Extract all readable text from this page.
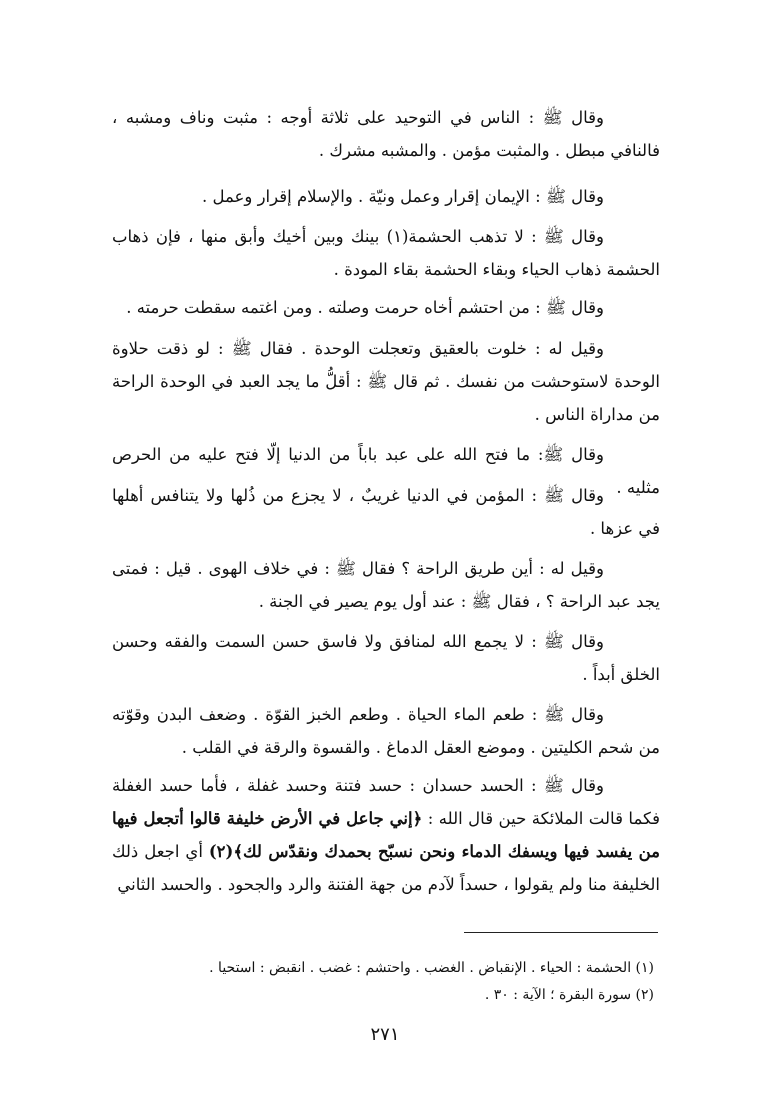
وقال ﷺ : الناس في التوحيد على ثلاثة أوجه : مثبت وناف ومشبه ، فالنافي مبطل . والمثبت مؤمن . والمشبه مشرك .

وقال ﷺ : الإيمان إقرار وعمل ونيّة . والإسلام إقرار وعمل .

وقال ﷺ : لا تذهب الحشمة(١) بينك وبين أخيك وأبق منها ، فإن ذهاب الحشمة ذهاب الحياء وبقاء الحشمة بقاء المودة .

وقال ﷺ : من احتشم أخاه حرمت وصلته . ومن اغتمه سقطت حرمته .

وقيل له : خلوت بالعقيق وتعجلت الوحدة . فقال ﷺ : لو ذقت حلاوة الوحدة لاستوحشت من نفسك . ثم قال ﷺ : أقلُّ ما يجد العبد في الوحدة الراحة من مداراة الناس .

وقال ﷺ: ما فتح الله على عبد باباً من الدنيا إلّا فتح عليه من الحرص مثليه .

وقال ﷺ : المؤمن في الدنيا غريبٌ ، لا يجزع من ذُلها ولا يتنافس أهلها في عزها .

وقيل له : أين طريق الراحة ؟ فقال ﷺ : في خلاف الهوى . قيل : فمتى يجد عبد الراحة ؟ ، فقال ﷺ : عند أول يوم يصير في الجنة .

وقال ﷺ : لا يجمع الله لمنافق ولا فاسق حسن السمت والفقه وحسن الخلق أبداً .

وقال ﷺ : طعم الماء الحياة . وطعم الخبز القوّة . وضعف البدن وقوّته من شحم الكليتين . وموضع العقل الدماغ . والقسوة والرقة في القلب .

وقال ﷺ : الحسد حسدان : حسد فتنة وحسد غفلة ، فأما حسد الغفلة فكما قالت الملائكة حين قال الله : ﴿إني جاعل في الأرض خليفة قالوا أتجعل فيها من يفسد فيها ويسفك الدماء ونحن نسبّح بحمدك ونقدّس لك﴾(٢) أي اجعل ذلك الخليفة منا ولم يقولوا ، حسداً لآدم من جهة الفتنة والرد والجحود . والحسد الثاني

(١) الحشمة : الحياء . الإنقباض . الغضب . واحتشم : غضب . انقبض : استحيا .

(٢) سورة البقرة ؛ الآية : ٣٠ .

٢٧١
